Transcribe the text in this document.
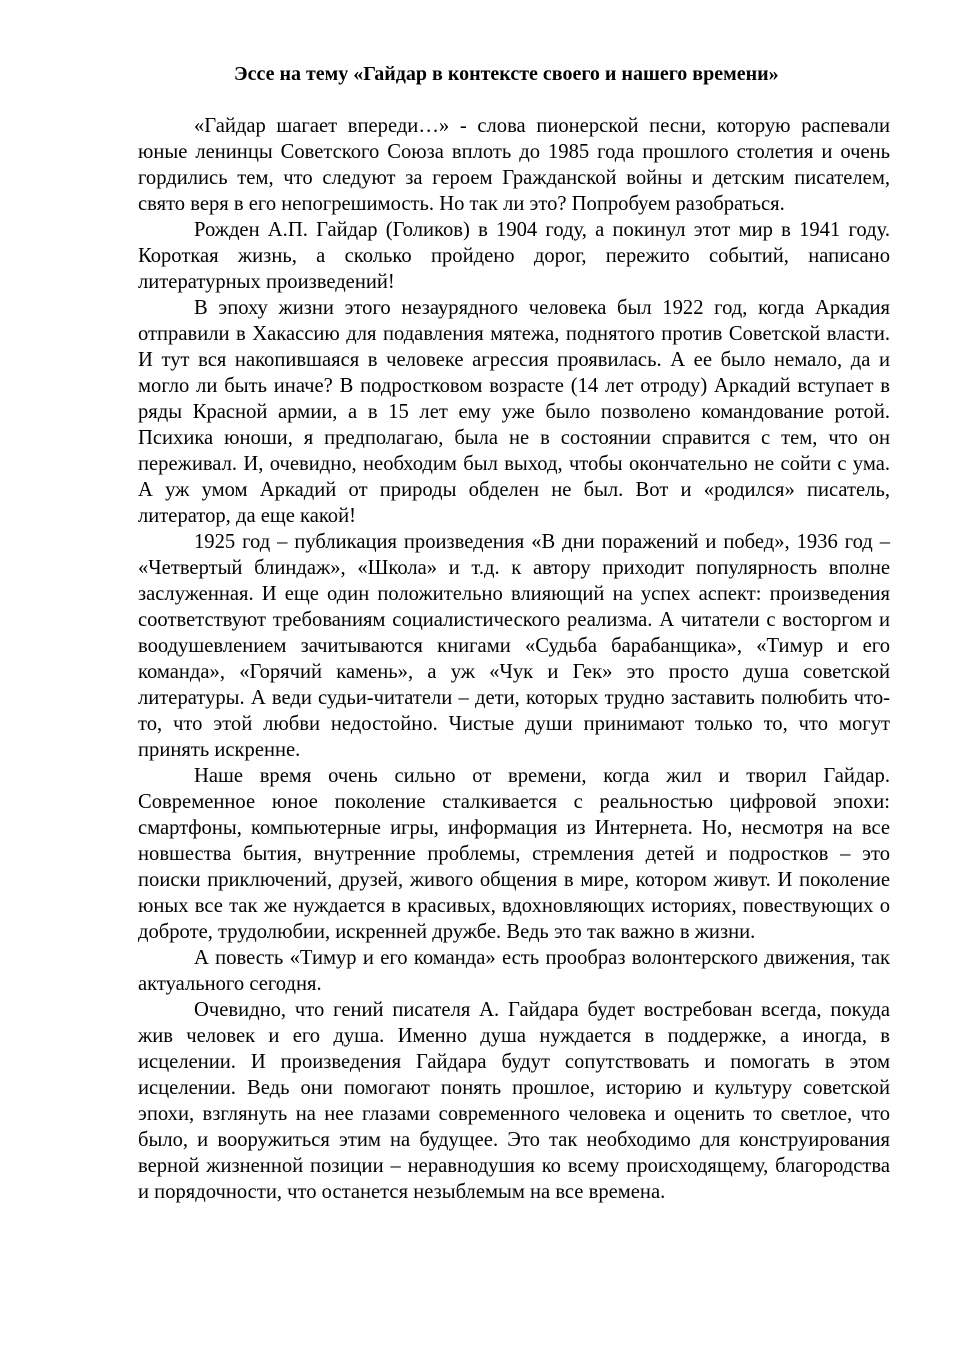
Эссе на тему «Гайдар в контексте своего и нашего времени»

«Гайдар шагает впереди…» - слова пионерской песни, которую распевали юные ленинцы Советского Союза вплоть до 1985 года прошлого столетия и очень гордились тем, что следуют за героем Гражданской войны и детским писателем, свято веря в его непогрешимость. Но так ли это? Попробуем разобраться.

Рожден А.П. Гайдар (Голиков) в 1904 году, а покинул этот мир в 1941 году. Короткая жизнь, а сколько пройдено дорог, пережито событий, написано литературных произведений!

В эпоху жизни этого незаурядного человека был 1922 год, когда Аркадия отправили в Хакассию для подавления мятежа, поднятого против Советской власти. И тут вся накопившаяся в человеке агрессия проявилась. А ее было немало, да и могло ли быть иначе? В подростковом возрасте (14 лет отроду) Аркадий вступает в ряды Красной армии, а в 15 лет ему уже было позволено командование ротой. Психика юноши, я предполагаю, была не в состоянии справится с тем, что он переживал. И, очевидно, необходим был выход, чтобы окончательно не сойти с ума. А уж умом Аркадий от природы обделен не был. Вот и «родился» писатель, литератор, да еще какой!

1925 год – публикация произведения «В дни поражений и побед», 1936 год – «Четвертый блиндаж», «Школа» и т.д. к автору приходит популярность вполне заслуженная. И еще один положительно влияющий на успех аспект: произведения соответствуют требованиям социалистического реализма. А читатели с восторгом и воодушевлением зачитываются книгами «Судьба барабанщика», «Тимур и его команда», «Горячий камень», а уж «Чук и Гек» это просто душа советской литературы. А веди судьи-читатели – дети, которых трудно заставить полюбить что-то, что этой любви недостойно. Чистые души принимают только то, что могут принять искренне.

Наше время очень сильно от времени, когда жил и творил Гайдар. Современное юное поколение сталкивается с реальностью цифровой эпохи: смартфоны, компьютерные игры, информация из Интернета. Но, несмотря на все новшества бытия, внутренние проблемы, стремления детей и подростков – это поиски приключений, друзей, живого общения в мире, котором живут. И поколение юных все так же нуждается в красивых, вдохновляющих историях, повествующих о доброте, трудолюбии, искренней дружбе. Ведь это так важно в жизни.

А повесть «Тимур и его команда» есть прообраз волонтерского движения, так актуального сегодня.

Очевидно, что гений писателя А. Гайдара будет востребован всегда, покуда жив человек и его душа. Именно душа нуждается в поддержке, а иногда, в исцелении. И произведения Гайдара будут сопутствовать и помогать в этом исцелении. Ведь они помогают понять прошлое, историю и культуру советской эпохи, взглянуть на нее глазами современного человека и оценить то светлое, что было, и вооружиться этим на будущее. Это так необходимо для конструирования верной жизненной позиции – неравнодушия ко всему происходящему, благородства и порядочности, что останется незыблемым на все времена.
